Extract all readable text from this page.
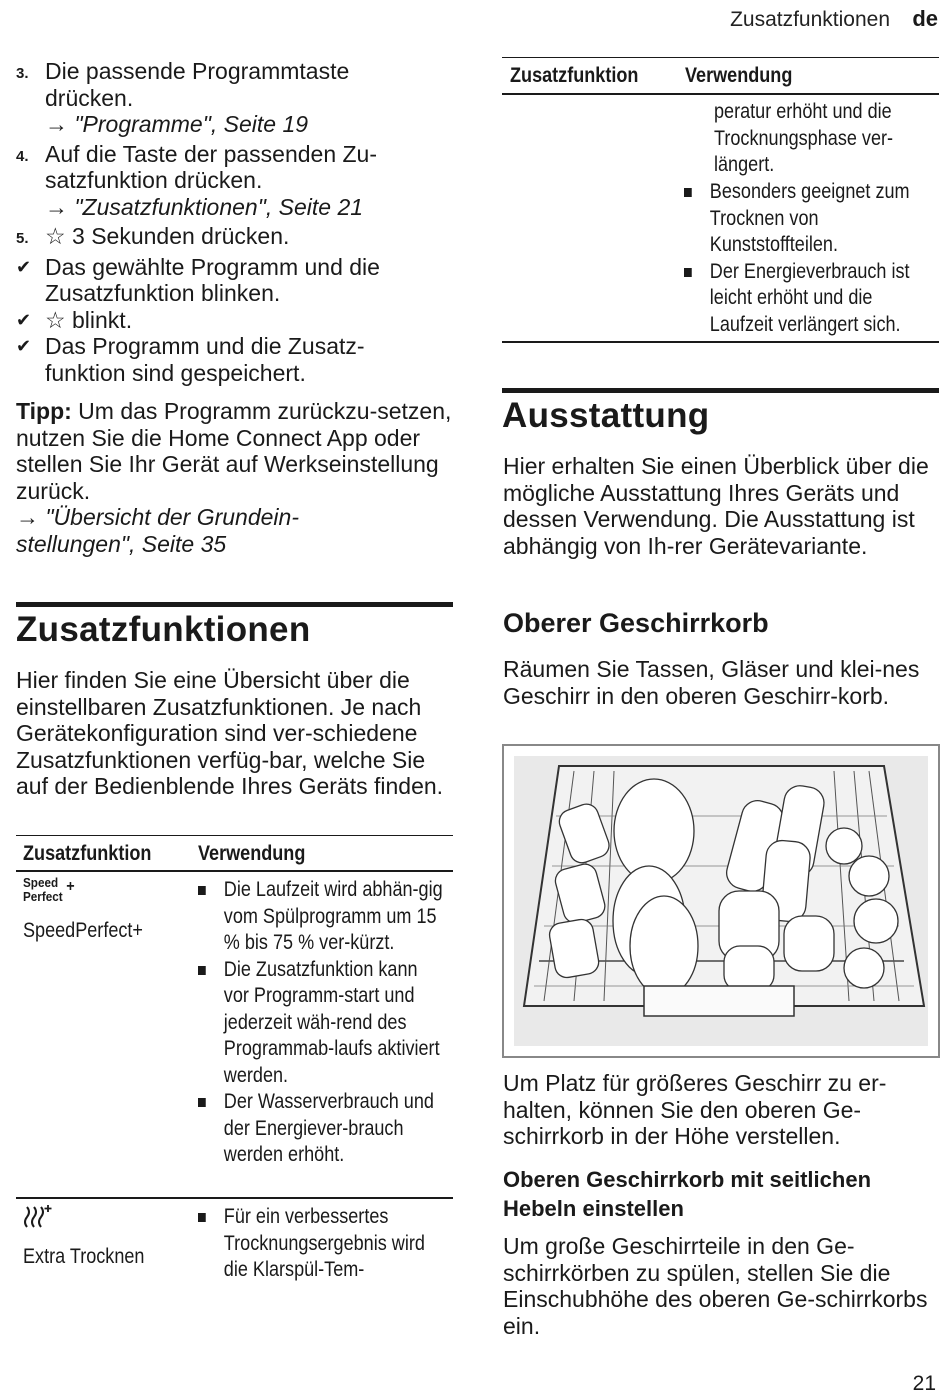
Zusatzfunktionen de
3. Die passende Programmtaste drücken.
→ "Programme", Seite 19
4. Auf die Taste der passenden Zu-satzfunktion drücken.
→ "Zusatzfunktionen", Seite 21
5. ☆ 3 Sekunden drücken.
✔ Das gewählte Programm und die Zusatzfunktion blinken.
✔ ☆ blinkt.
✔ Das Programm und die Zusatz-funktion sind gespeichert.
Tipp: Um das Programm zurückzu-setzen, nutzen Sie die Home Connect App oder stellen Sie Ihr Gerät auf Werkseinstellung zurück.
→ "Übersicht der Grundein-stellungen", Seite 35
Zusatzfunktionen
Hier finden Sie eine Übersicht über die einstellbaren Zusatzfunktionen. Je nach Gerätekonfiguration sind ver-schiedene Zusatzfunktionen verfüg-bar, welche Sie auf der Bedienblende Ihres Geräts finden.
Zusatzfunktion Verwendung
Speed
Perfect
+
SpeedPerfect+
Die Laufzeit wird abhän-gig vom Spülprogramm um 15 % bis 75 % ver-kürzt.
Die Zusatzfunktion kann vor Programm-start und jederzeit wäh-rend des Programmab-laufs aktiviert werden.
Der Wasserverbrauch und der Energiever-brauch werden erhöht.
Extra Trocknen
Für ein verbessertes Trocknungsergebnis wird die Klarspül-Tem-
Zusatzfunktion Verwendung
peratur erhöht und die Trocknungsphase ver-längert.
Besonders geeignet zum Trocknen von Kunststoffteilen.
Der Energieverbrauch ist leicht erhöht und die Laufzeit verlängert sich.
Ausstattung
Hier erhalten Sie einen Überblick über die mögliche Ausstattung Ihres Geräts und dessen Verwendung. Die Ausstattung ist abhängig von Ih-rer Gerätevariante.
Oberer Geschirrkorb
Räumen Sie Tassen, Gläser und klei-nes Geschirr in den oberen Geschirr-korb.
Um Platz für größeres Geschirr zu er-halten, können Sie den oberen Ge-schirrkorb in der Höhe verstellen.
Oberen Geschirrkorb mit seitlichen Hebeln einstellen
Um große Geschirrteile in den Ge-schirrkörben zu spülen, stellen Sie die Einschubhöhe des oberen Ge-schirrkorbs ein.
21
